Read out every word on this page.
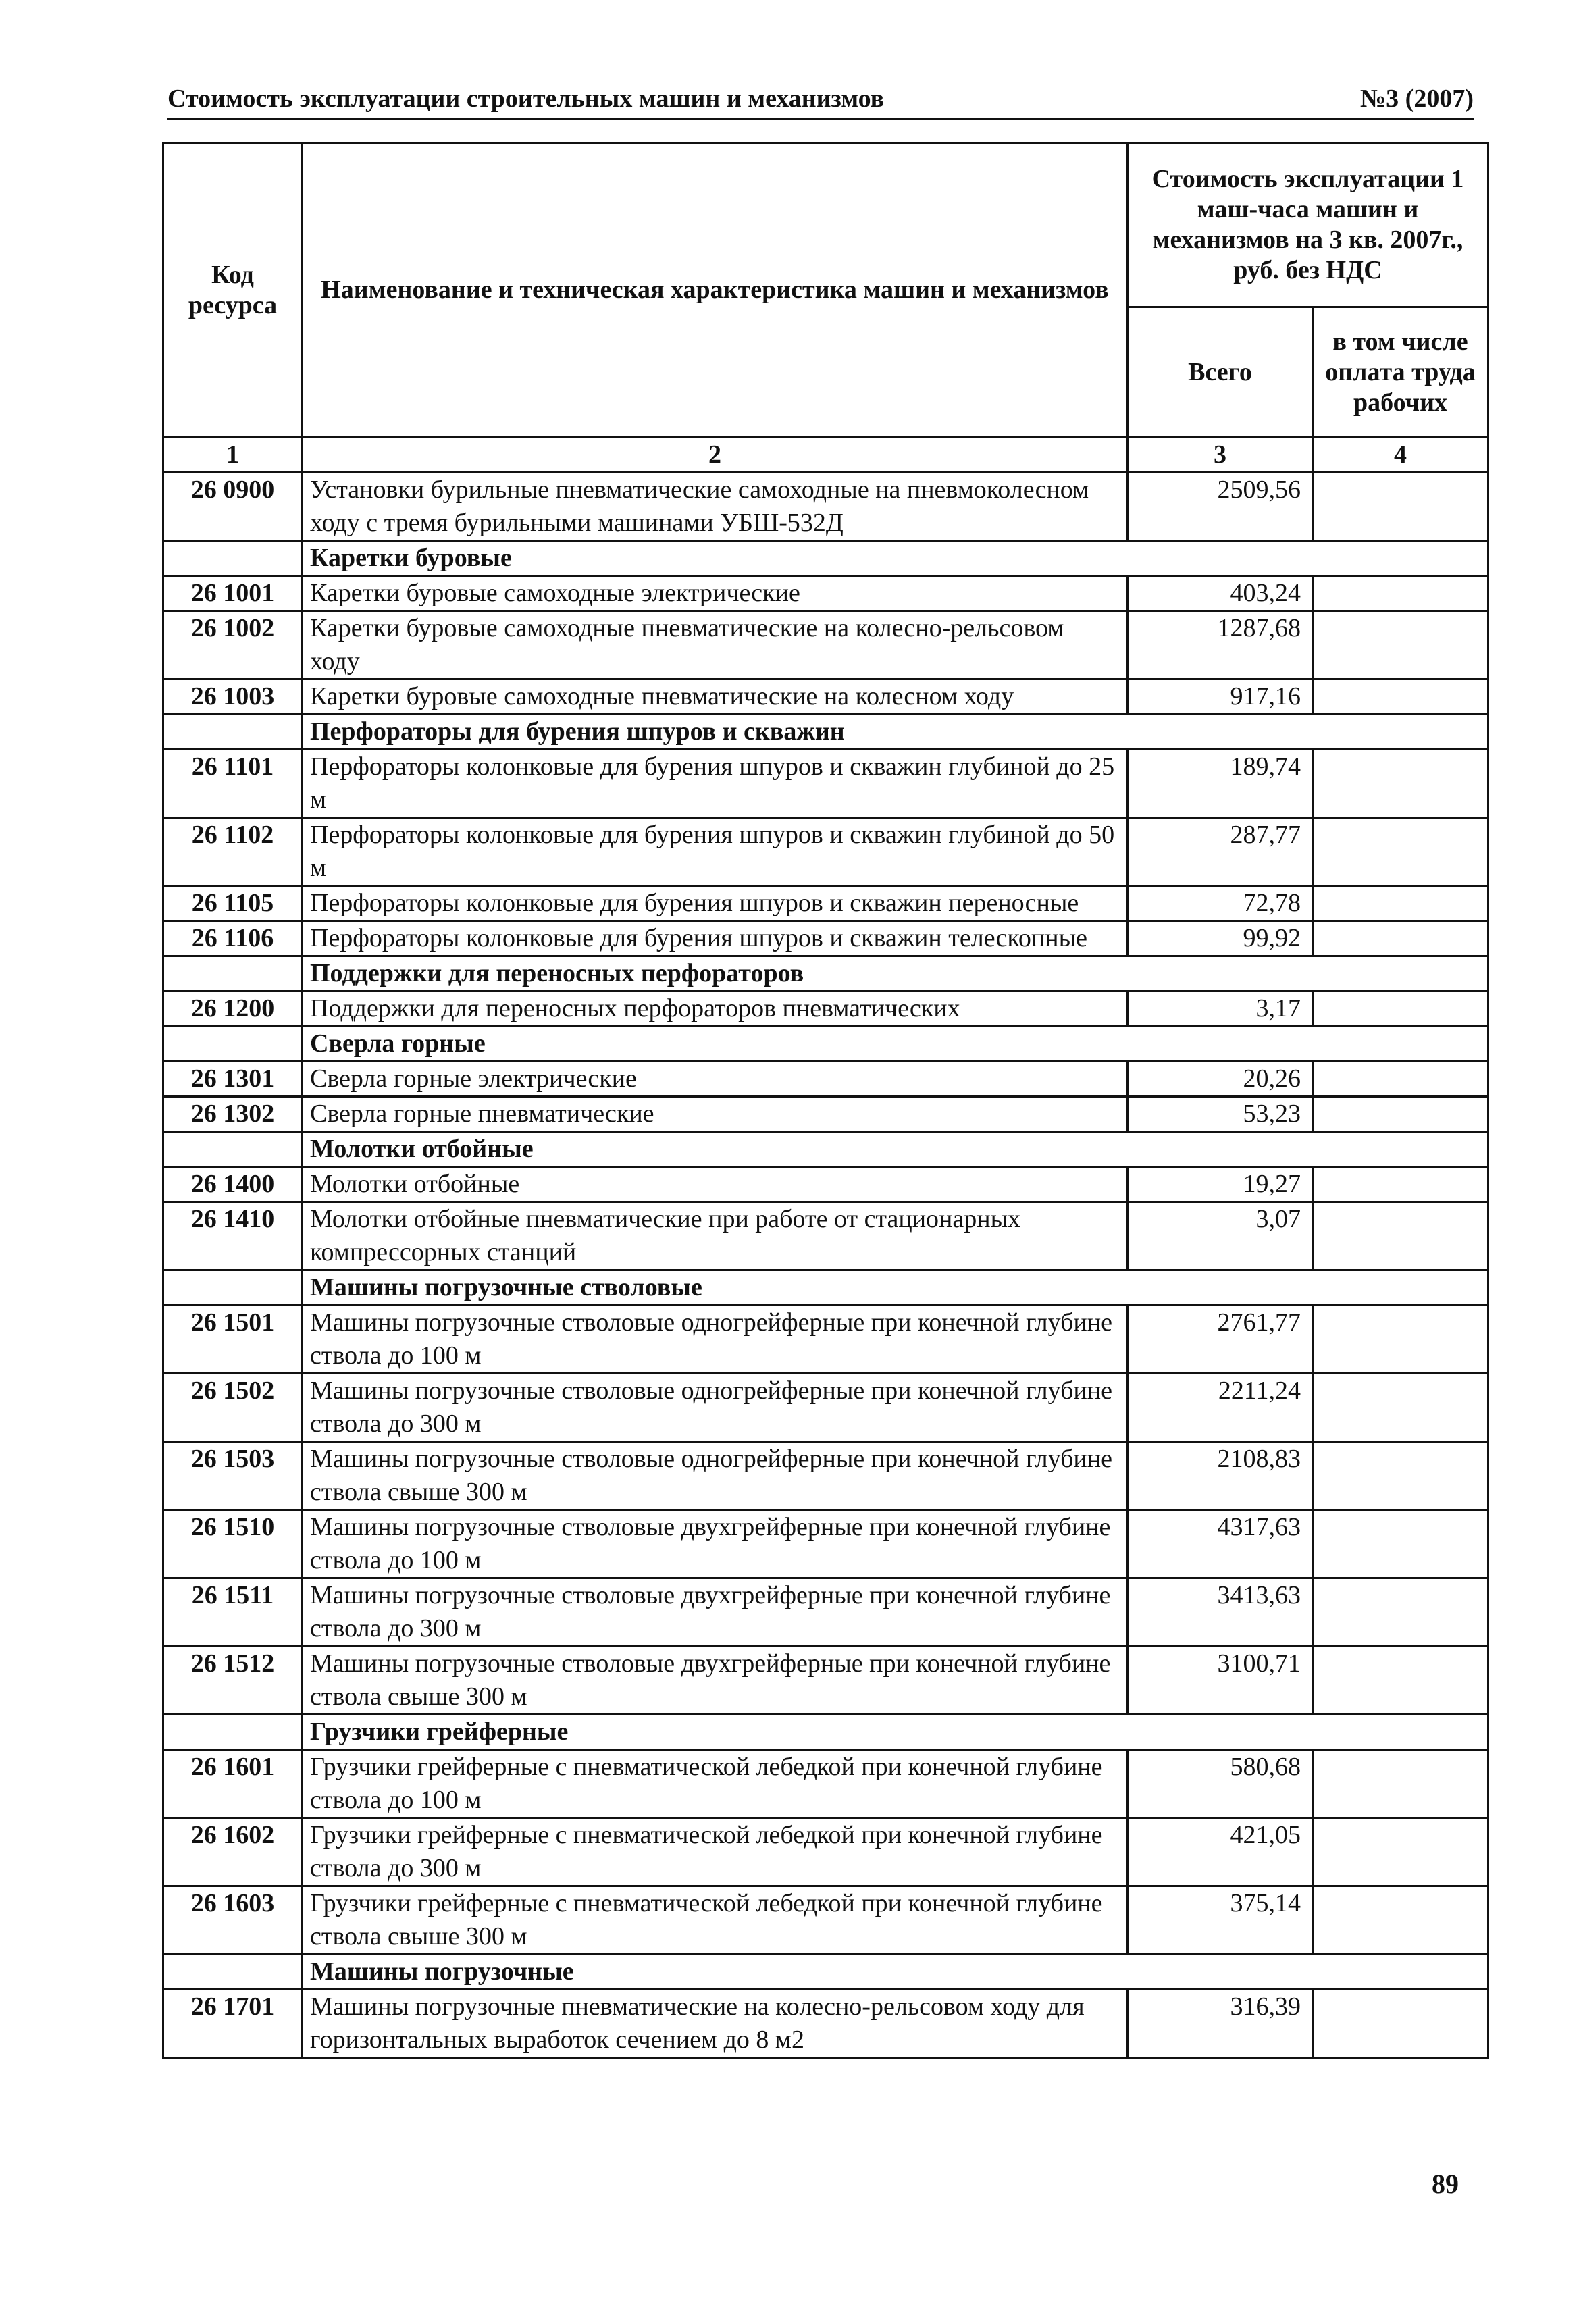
Стоимость эксплуатации строительных машин и механизмов	№3 (2007)
Код ресурса	Наименование и техническая характеристика машин и механизмов	Стоимость эксплуатации 1 маш-часа машин и механизмов на 3 кв. 2007г., руб. без НДС	
		Всего	в том числе оплата труда рабочих
1	2	3	4
26 0900	Установки бурильные пневматические самоходные на пневмоколесном ходу с тремя бурильными машинами УБШ-532Д	2509,56	
	Каретки буровые		
26 1001	Каретки буровые самоходные электрические	403,24	
26 1002	Каретки буровые самоходные пневматические на колесно-рельсовом ходу	1287,68	
26 1003	Каретки буровые самоходные пневматические на колесном ходу	917,16	
	Перфораторы для бурения шпуров и скважин		
26 1101	Перфораторы колонковые для бурения шпуров и скважин глубиной до 25 м	189,74	
26 1102	Перфораторы колонковые для бурения шпуров и скважин глубиной до 50 м	287,77	
26 1105	Перфораторы колонковые для бурения шпуров и скважин переносные	72,78	
26 1106	Перфораторы колонковые для бурения шпуров и скважин телескопные	99,92	
	Поддержки для переносных перфораторов		
26 1200	Поддержки для переносных перфораторов пневматических	3,17	
	Сверла горные		
26 1301	Сверла горные электрические	20,26	
26 1302	Сверла горные пневматические	53,23	
	Молотки отбойные		
26 1400	Молотки отбойные	19,27	
26 1410	Молотки отбойные пневматические при работе от стационарных компрессорных станций	3,07	
	Машины погрузочные стволовые		
26 1501	Машины погрузочные стволовые одногрейферные при конечной глубине ствола до 100 м	2761,77	
26 1502	Машины погрузочные стволовые одногрейферные при конечной глубине ствола до 300 м	2211,24	
26 1503	Машины погрузочные стволовые одногрейферные при конечной глубине ствола свыше 300 м	2108,83	
26 1510	Машины погрузочные стволовые двухгрейферные при конечной глубине ствола до 100 м	4317,63	
26 1511	Машины погрузочные стволовые двухгрейферные при конечной глубине ствола до 300 м	3413,63	
26 1512	Машины погрузочные стволовые двухгрейферные при конечной глубине ствола свыше 300 м	3100,71	
	Грузчики грейферные		
26 1601	Грузчики грейферные с пневматической лебедкой при конечной глубине ствола до 100 м	580,68	
26 1602	Грузчики грейферные с пневматической лебедкой при конечной глубине ствола до 300 м	421,05	
26 1603	Грузчики грейферные с пневматической лебедкой при конечной глубине ствола свыше 300 м	375,14	
	Машины погрузочные		
26 1701	Машины погрузочные пневматические на колесно-рельсовом ходу для горизонтальных выработок сечением до 8 м2	316,39	
89
